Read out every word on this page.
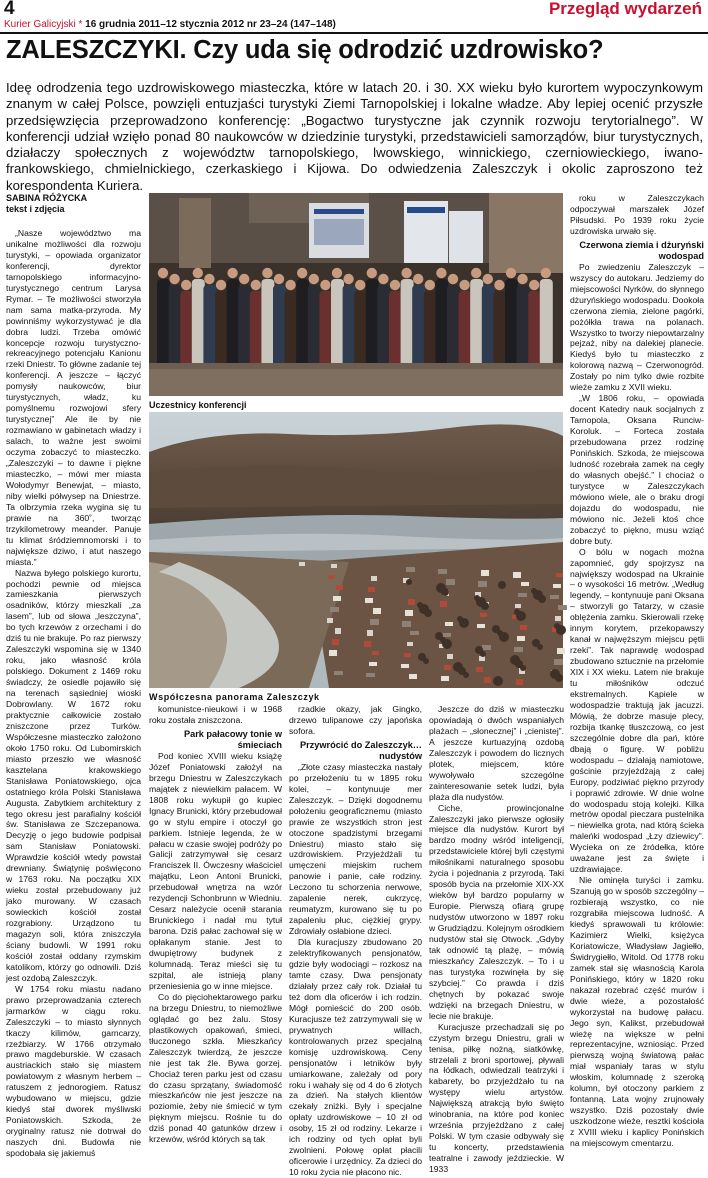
4
Kurier Galicyjski * 16 grudnia 2011–12 stycznia 2012 nr 23–24 (147–148)
Przegląd wydarzeń
ZALESZCZYKI. Czy uda się odrodzić uzdrowisko?
Ideę odrodzenia tego uzdrowiskowego miasteczka, które w latach 20. i 30. XX wieku było kurortem wypoczynkowym znanym w całej Polsce, powzięli entuzjaści turystyki Ziemi Tarnopolskiej i lokalne władze. Aby lepiej ocenić przyszłe przedsięwzięcia przeprowadzono konferencję: „Bogactwo turystyczne jak czynnik rozwoju terytorialnego”. W konferencji udział wzięło ponad 80 naukowców w dziedzinie turystyki, przedstawicieli samorządów, biur turystycznych, działaczy społecznych z województw tarnopolskiego, lwowskiego, winnickiego, czerniowieckiego, iwano-frankowskiego, chmielnickiego, czerkaskiego i Kijowa. Do odwiedzenia Zaleszczyk i okolic zaproszono też korespondenta Kuriera.
SABINA RÓŻYCKA
tekst i zdjęcia

„Nasze województwo ma unikalne możliwości dla rozwoju turystyki, – opowiada organizator konferencji, dyrektor tarnopolskiego informacyjno-turystycznego centrum Larysa Rymar. – Te możliwości stworzyła nam sama matka-przyroda. My powinniśmy wykorzystywać je dla dobra ludzi. Trzeba omówić koncepcje rozwoju turystyczno-rekreacyjnego potencjału Kanionu rzeki Dniestr. To główne zadanie tej konferencji. A jeszcze – łączyć pomysły naukowców, biur turystycznych, władz, ku pomyślnemu rozwojowi sfery turystycznej” Ale ile by nie rozmawiano w gabinetach władzy i salach, to ważne jest swoimi oczyma zobaczyć to miasteczko. „Zaleszczyki – to dawne i piękne miasteczko, – mówi mer miasta Wołodymyr Benewjat, – miasto, niby wielki półwysep na Dniestrze. Ta olbrzymia rzeka wygina się tu prawie na 360˚, tworząc trzykilometrowy meander. Panuje tu klimat śródziemnomorski i to największe dziwo, i atut naszego miasta.”

Nazwa byłego polskiego kurortu, pochodzi pewnie od miejsca zamieszkania pierwszych osadników, którzy mieszkali „za lasem”, lub od słowa „leszczyna”, bo tych krzewów z orzechami i do dziś tu nie brakuje. Po raz pierwszy Zaleszczyki wspomina się w 1340 roku, jako własność króla polskiego. Dokument z 1469 roku świadczy, że osiedle pojawiło się na terenach sąsiedniej wioski Dobrowlany. W 1672 roku praktycznie całkowicie zostało zniszczone przez Turków. Współczesne miasteczko założono około 1750 roku. Od Lubomirskich miasto przeszło we własność kasztelana krakowskiego Stanisława Poniatowskiego, ojca ostatniego króla Polski Stanisława Augusta. Zabytkiem architektury z tego okresu jest parafialny kościół św. Stanisława ze Szczepanowa. Decyzję o jego budowie podpisał sam Stanisław Poniatowski. Wprawdzie kościół wtedy powstał drewniany. Świątynię poświęcono w 1763 roku. Na początku XIX wieku został przebudowany już jako murowany. W czasach sowieckich kościół został rozgrabiony. Urządzono tu magazyn soli, która zniszczyła ściany budowli. W 1991 roku kościół został oddany rzymskim katolikom, którzy go odnowili. Dziś jest ozdobą Zaleszczyk.

W 1754 roku miastu nadano prawo przeprowadzania czterech jarmarków w ciągu roku. Zaleszczyki – to miasto słynnych tkaczy kilimów, garncarzy, rzeźbiarzy. W 1766 otrzymało prawo magdeburskie. W czasach austriackich stało się miastem powiatowym z własnym herbem – ratuszem z jednorogiem. Ratusz wybudowano w miejscu, gdzie kiedyś stał dworek myśliwski Poniatowskich. Szkoda, że oryginalny ratusz nie dotrwał do naszych dni. Budowla nie spodobała się jakiemuś

Uczestnicy konferencji
Współczesna panorama Zaleszczyk

komunistce-nieukowi i w 1968 roku została zniszczona.

Park pałacowy tonie w śmieciach

Pod koniec XVIII wieku książę Józef Poniatowski założył na brzegu Dniestru w Zaleszczykach majątek z niewielkim pałacem. W 1808 roku wykupił go kupiec Ignacy Brunicki, który przebudował go w stylu empire i otoczył go parkiem. Istnieje legenda, że w pałacu w czasie swojej podróży po Galicji zatrzymywał się cesarz Franciszek II. Ówczesny właściciel majątku, Leon Antoni Brunicki, przebudował wnętrza na wzór rezydencji Schonbrunn w Wiedniu. Cesarz należycie ocenił starania Brunickiego i nadał mu tytuł barona. Dziś pałac zachował się w opłakanym stanie. Jest to dwupiętrowy budynek z kolumnadą. Teraz mieści się tu szpital, ale istnieją plany przeniesienia go w inne miejsce.

Co do pięciohektarowego parku na brzegu Dniestru, to niemożliwe oglądać go bez żalu. Stosy plastikowych opakowań, śmieci, tłuczonego szkła. Mieszkańcy Zaleszczyk twierdzą, że jeszcze nie jest tak źle. Bywa gorzej. Chociaż teren parku jest od czasu do czasu sprzątany, świadomość mieszkańców nie jest jeszcze na poziomie, żeby nie śmiecić w tym pięknym miejscu. Rośnie tu do dziś ponad 40 gatunków drzew i krzewów, wśród których są tak

rzadkie okazy, jak Gingko, drzewo tulipanowe czy japońska sofora.

Przywrócić do Zaleszczyk… nudystów

„Złote czasy miasteczka nastały po przełożeniu tu w 1895 roku kolei, – kontynuuje mer Zaleszczyk. – Dzięki dogodnemu położeniu geograficznemu (miasto prawie ze wszystkich stron jest otoczone spadzistymi brzegami Dniestru) miasto stało się uzdrowiskiem. Przyjeżdżali tu umęczeni miejskim ruchem panowie i panie, całe rodziny. Leczono tu schorzenia nerwowe, zapalenie nerek, cukrzycę, reumatyzm, kurowano się tu po zapaleniu płuc, ciężkiej grypy. Zdrowiały osłabione dzieci.

Dla kuracjuszy zbudowano 20 zelektryfikowanych pensjonatów, gdzie były wodociągi – rozkosz na tamte czasy. Dwa pensjonaty działały przez cały rok. Działał tu też dom dla oficerów i ich rodzin. Mógł pomieścić do 200 osób. Kuracjusze też zatrzymywali się w prywatnych willach, kontrolowanych przez specjalną komisję uzdrowiskową. Ceny pensjonatów i letników były umiarkowane, zależały od pory roku i wahały się od 4 do 6 złotych za dzień. Na stałych klientów czekały zniżki. Były i specjalne opłaty uzdrowiskowe – 10 zł od osoby, 15 zł od rodziny. Lekarze i ich rodziny od tych opłat byli zwolnieni. Połowę opłat płacili oficerowie i urzędnicy. Za dzieci do 10 roku życia nie płacono nic.

Jeszcze do dziś w miasteczku opowiadają o dwóch wspaniałych plażach – „słonecznej” i „cienistej”. A jeszcze kurtuazyjną ozdobą Zaleszczyk i powodem do licznych plotek, miejscem, które wywoływało szczególne zainteresowanie setek ludzi, była plaża dla nudystów.

Ciche, prowincjonalne Zaleszczyki jako pierwsze ogłosiły miejsce dla nudystów. Kurort był bardzo modny wśród inteligencji, przedstawiciele której byli częstymi miłośnikami naturalnego sposobu życia i pojednania z przyrodą. Taki sposób bycia na przełomie XIX-XX wieków był bardzo popularny w Europie. Pierwszą ofiarą grupę nudystów utworzono w 1897 roku w Grudziądzu. Kolejnym ośrodkiem nudystów stał się Otwock. „Gdyby tak odnowić tą plażę, – mówią mieszkańcy Zaleszczyk. – To i u nas turystyka rozwinęła by się szybciej.” Co prawda i dziś chętnych by pokazać swoje wdzięki na brzegach Dniestru, w lecie nie brakuje.

Kuracjusze przechadzali się po czystym brzegu Dniestru, grali w tenisa, piłkę nożną, siatkówkę, strzelali z broni sportowej, pływali na łódkach, odwiedzali teatrzyki i kabarety, bo przyjeżdżało tu na występy wielu artystów. Największą atrakcją było święto winobrania, na które pod koniec września przyjeżdżano z całej Polski. W tym czasie odbywały się tu koncerty, przedstawienia teatralne i zawody jeździeckie. W 1933

roku w Zaleszczykach odpoczywał marszałek Józef Piłsudski. Po 1939 roku życie uzdrowiska urwało się.

Czerwona ziemia i dżuryński wodospad

Po zwiedzeniu Zaleszczyk – wszyscy do autokaru. Jedziemy do miejscowości Nyrków, do słynnego dżuryńskiego wodospadu. Dookoła czerwona ziemia, zielone pagórki, pożółkła trawa na polanach. Wszystko to tworzy niepowtarzalny pejzaż, niby na dalekiej planecie. Kiedyś było tu miasteczko z kolorową nazwą – Czerwonogród. Zostały po nim tylko dwie rozbite wieże zamku z XVII wieku.

„W 1806 roku, – opowiada docent Katedry nauk socjalnych z Tarnopola, Oksana Runciw-Koroluk. – Forteca została przebudowana przez rodzinę Ponińskich. Szkoda, że miejscowa ludność rozebrała zamek na cegły do własnych obejść.” I chociaż o turystyce w Zaleszczykach mówiono wiele, ale o braku drogi dojazdu do wodospadu, nie mówiono nic. Jeżeli ktoś chce zobaczyć to piękno, musu wziąć dobre buty.

O bólu w nogach można zapomnieć, gdy spojrzysz na największy wodospad na Ukrainie – o wysokości 16 metrów. „Według legendy, – kontynuuje pani Oksana – stworzyli go Tatarzy, w czasie oblężenia zamku. Skierowali rzekę innym korytem, przekopawszy kanał w najwęższym miejscu pętli rzeki”. Tak naprawdę wodospad zbudowano sztucznie na przełomie XIX i XX wieku. Latem nie brakuje tu miłośników odczuć ekstremalnych. Kąpiele w wodospadzie traktują jak jacuzzi. Mówią, że dobrze masuje plecy, rozbija tkankę tłuszczową, co jest szczególnie dobre dla pań, które dbają o figurę. W pobliżu wodospadu – działają namiotowe, gościnie przyjeżdżają z całej Europy, podziwiać piękno przyrody i poprawić zdrowie. W dnie wolne do wodospadu stoją kolejki. Kilka metrów opodal pieczara pustelnika – niewielka grota, nad którą ścieka maleńki wodospad „Łzy dziewicy”. Wycieka on ze źródełka, które uważane jest za święte i uzdrawiające.

Nie ominęła turyści i zamku. Szanują go w sposób szczególny – rozbierają wszystko, co nie rozgrabiła miejscowa ludność. A kiedyś sprawowali tu królowie: Kazimierz Wielki, księżyca Koriatowicze, Władysław Jagiełło, Świdrygiełło, Witold. Od 1778 roku zamek stał się własnością Karola Ponińskiego, który w 1820 roku nakazał rozebrać część murów i dwie wieże, a pozostałość wykorzystał na budowę pałacu. Jego syn, Kalikst, przebudował wieżę na większe w pełni reprezentacyjne, wzniosiąc. Przed pierwszą wojną światową pałac miał wspaniały taras w stylu włoskim, kolumnadę z szeroką kolumn, był otoczony parkiem z fontanną. Lata wojny zrujnowały wszystko. Dziś pozostały dwie uszkodzone wieże, resztki kościoła z XVIII wieku i kaplicy Ponińskich na miejscowym cmentarzu.
